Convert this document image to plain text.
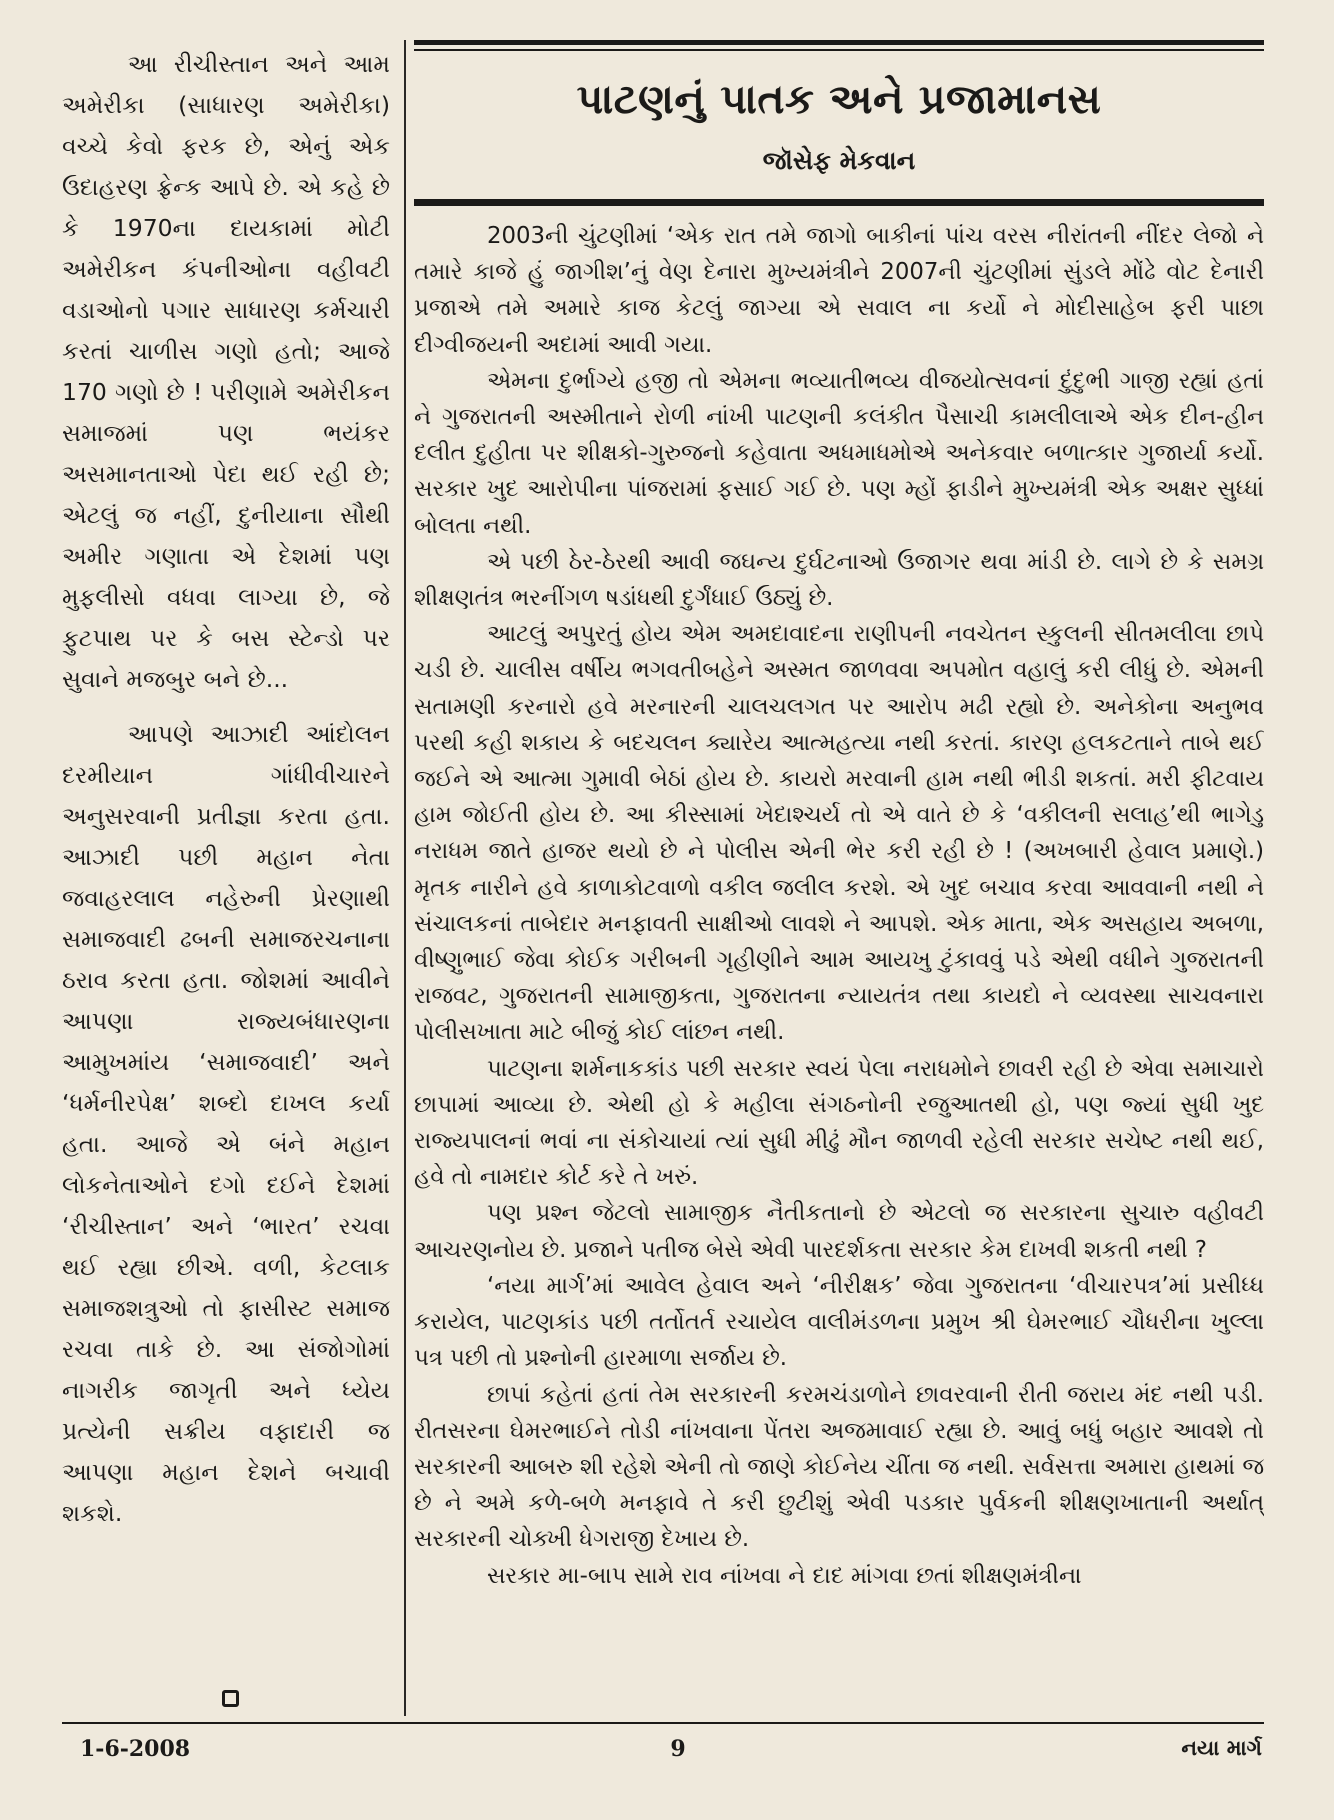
આ રીચીસ્તાન અને આમ અમેરીકા (સાધારણ અમેરીકા) વચ્ચે કેવો ફરક છે, એનું એક ઉદાહરણ ફ્રેન્ક આપે છે. એ કહે છે કે 1970ના દાયકામાં મોટી અમેરીકન કંપનીઓના વહીવટી વડાઓનો પગાર સાધારણ કર્મચારી કરતાં ચાળીસ ગણો હતો; આજે 170 ગણો છે ! પરીણામે અમેરીકન સમાજમાં પણ ભયંકર અસમાનતાઓ પેદા થઈ રહી છે; એટલું જ નહીં, દુનીયાના સૌથી અમીર ગણાતા એ દેશમાં પણ મુફલીસો વધવા લાગ્યા છે, જે ફુટપાથ પર કે બસ સ્ટેન્ડો પર સુવાને મજબુર બને છે...

આપણે આઝાદી આંદોલન દરમીયાન ગાંધીવીચારને અનુસરવાની પ્રતીજ્ઞા કરતા હતા. આઝાદી પછી મહાન નેતા જવાહરલાલ નહેરુની પ્રેરણાથી સમાજવાદી ઢબની સમાજરચનાના ઠરાવ કરતા હતા. જોશમાં આવીને આપણા રાજ્યબંધારણના આમુખમાંય ‘સમાજવાદી’ અને ‘ધર્મનીરપેક્ષ’ શબ્દો દાખલ કર્યા હતા. આજે એ બંને મહાન લોકનેતાઓને દગો દઈને દેશમાં ‘રીચીસ્તાન’ અને ‘ભારત’ રચવા થઈ રહ્યા છીએ. વળી, કેટલાક સમાજશત્રુઓ તો ફાસીસ્ટ સમાજ રચવા તાકે છે. આ સંજોગોમાં નાગરીક જાગૃતી અને ધ્યેય પ્રત્યેની સક્રીય વફાદારી જ આપણા મહાન દેશને બચાવી શકશે.

પાટણનું પાતક અને પ્રજામાનસ
જૉસેફ મેકવાન

2003ની ચુંટણીમાં ‘એક રાત તમે જાગો બાકીનાં પાંચ વરસ નીરાંતની નીંદર લેજો ને તમારે કાજે હું જાગીશ’નું વેણ દેનારા મુખ્યમંત્રીને 2007ની ચુંટણીમાં સુંડલે મોંઢે વોટ દેનારી પ્રજાએ તમે અમારે કાજ કેટલું જાગ્યા એ સવાલ ના કર્યો ને મોદીસાહેબ ફરી પાછા દીગ્વીજયની અદામાં આવી ગયા.

એમના દુર્ભાગ્યે હજી તો એમના ભવ્યાતીભવ્ય વીજયોત્સવનાં દુંદુભી ગાજી રહ્યાં હતાં ને ગુજરાતની અસ્મીતાને રોળી નાંખી પાટણની કલંકીત પૈસાચી કામલીલાએ એક દીન-હીન દલીત દુહીતા પર શીક્ષકો-ગુરુજનો કહેવાતા અધમાધમોએ અનેકવાર બળાત્કાર ગુજાર્યા કર્યો. સરકાર ખુદ આરોપીના પાંજરામાં ફસાઈ ગઈ છે. પણ મ્હોં ફાડીને મુખ્યમંત્રી એક અક્ષર સુધ્ધાં બોલતા નથી.

એ પછી ઠેર-ઠેરથી આવી જઘન્ય દુર્ઘટનાઓ ઉજાગર થવા માંડી છે. લાગે છે કે સમગ્ર શીક્ષણતંત્ર ભરનીંગળ ષડાંધથી દુર્ગંધાઈ ઉઠ્યું છે.

આટલું અપુરતું હોય એમ અમદાવાદના રાણીપની નવચેતન સ્કુલની સીતમલીલા છાપે ચડી છે. ચાલીસ વર્ષીય ભગવતીબહેને અસ્મત જાળવવા અપમોત વહાલું કરી લીધું છે. એમની સતામણી કરનારો હવે મરનારની ચાલચલગત પર આરોપ મઢી રહ્યો છે. અનેકોના અનુભવ પરથી કહી શકાય કે બદચલન ક્યારેય આત્મહત્યા નથી કરતાં. કારણ હલકટતાને તાબે થઈ જઈને એ આત્મા ગુમાવી બેઠાં હોય છે. કાયરો મરવાની હામ નથી ભીડી શકતાં. મરી ફીટવાય હામ જોઈતી હોય છે. આ કીસ્સામાં ખેદાશ્ચર્ય તો એ વાતે છે કે ‘વકીલની સલાહ’થી ભાગેડુ નરાધમ જાતે હાજર થયો છે ને પોલીસ એની ભેર કરી રહી છે ! (અખબારી હેવાલ પ્રમાણે.) મૃતક નારીને હવે કાળાકોટવાળો વકીલ જલીલ કરશે. એ ખુદ બચાવ કરવા આવવાની નથી ને સંચાલકનાં તાબેદાર મનફાવતી સાક્ષીઓ લાવશે ને આપશે. એક માતા, એક અસહાય અબળા, વીષ્ણુભાઈ જેવા કોઈક ગરીબની ગૃહીણીને આમ આયખુ ટુંકાવવું પડે એથી વધીને ગુજરાતની રાજવટ, ગુજરાતની સામાજીકતા, ગુજરાતના ન્યાયતંત્ર તથા કાયદો ને વ્યવસ્થા સાચવનારા પોલીસખાતા માટે બીજું કોઈ લાંછન નથી.

પાટણના શર્મનાકકાંડ પછી સરકાર સ્વયં પેલા નરાધમોને છાવરી રહી છે એવા સમાચારો છાપામાં આવ્યા છે. એથી હો કે મહીલા સંગઠનોની રજુઆતથી હો, પણ જ્યાં સુધી ખુદ રાજ્યપાલનાં ભવાં ના સંકોચાયાં ત્યાં સુધી મીઢું મૌન જાળવી રહેલી સરકાર સચેષ્ટ નથી થઈ, હવે તો નામદાર કોર્ટ કરે તે ખરું.

પણ પ્રશ્ન જેટલો સામાજીક નૈતીકતાનો છે એટલો જ સરકારના સુચારુ વહીવટી આચરણનોય છે. પ્રજાને પતીજ બેસે એવી પારદર્શકતા સરકાર કેમ દાખવી શકતી નથી ?

‘નયા માર્ગ’માં આવેલ હેવાલ અને ‘નીરીક્ષક’ જેવા ગુજરાતના ‘વીચારપત્ર’માં પ્રસીધ્ધ કરાયેલ, પાટણકાંડ પછી તર્તોતર્ત રચાયેલ વાલીમંડળના પ્રમુખ શ્રી ઘેમરભાઈ ચૌધરીના ખુલ્લા પત્ર પછી તો પ્રશ્નોની હારમાળા સર્જાય છે.

છાપાં કહેતાં હતાં તેમ સરકારની કરમચંડાળોને છાવરવાની રીતી જરાય મંદ નથી પડી. રીતસરના ઘેમરભાઈને તોડી નાંખવાના પેંતરા અજમાવાઈ રહ્યા છે. આવું બધું બહાર આવશે તો સરકારની આબરુ શી રહેશે એની તો જાણે કોઈનેય ચીંતા જ નથી. સર્વસત્તા અમારા હાથમાં જ છે ને અમે કળે-બળે મનફાવે તે કરી છુટીશું એવી પડકાર પુર્વકની શીક્ષણખાતાની અર્થાત્ સરકારની ચોક્ખી ધેગરાજી દેખાય છે.

સરકાર મા-બાપ સામે રાવ નાંખવા ને દાદ માંગવા છતાં શીક્ષણમંત્રીના

1-6-2008	9	નયા માર્ગ
